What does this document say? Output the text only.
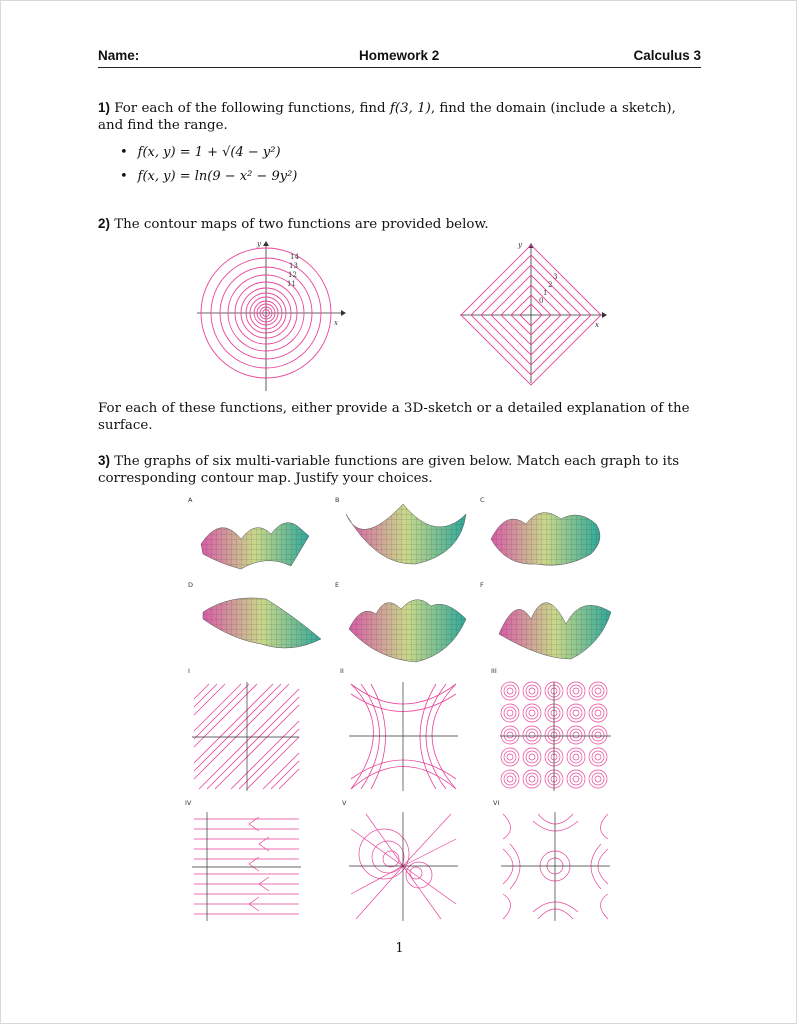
Name:	Homework 2	Calculus 3
1) For each of the following functions, find f(3, 1), find the domain (include a sketch), and find the range.
• f(x, y) = 1 + √(4 − y²)
• f(x, y) = ln(9 − x² − 9y²)
2) The contour maps of two functions are provided below.
y
x
14
13
12
11
y
x
3
2
1
0
For each of these functions, either provide a 3D-sketch or a detailed explanation of the surface.
3) The graphs of six multi-variable functions are given below. Match each graph to its corresponding contour map. Justify your choices.
A	B	C
D	E	F
I	II	III
IV	V	VI
1
